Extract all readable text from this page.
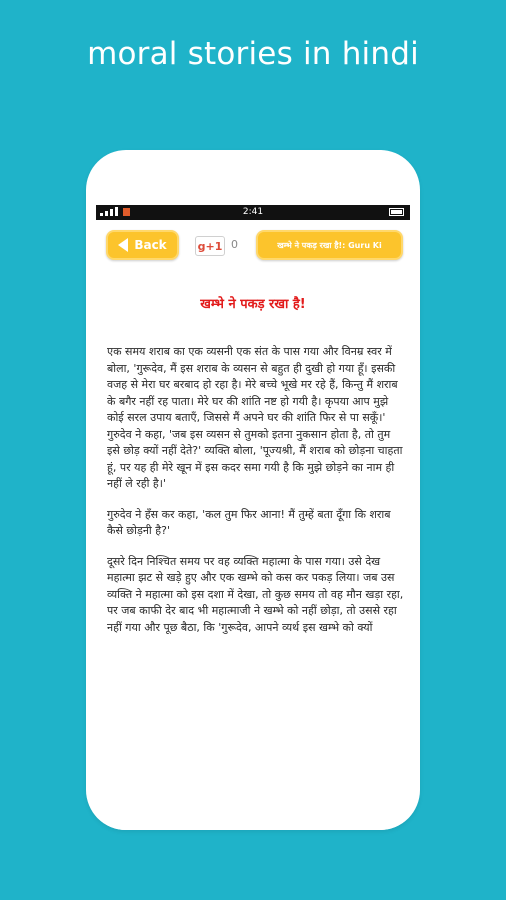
moral stories in hindi
2:41
Back	g+1 0	खम्भे ने पकड़ रखा है!: Guru Ki
खम्भे ने पकड़ रखा है!

एक समय शराब का एक व्यसनी एक संत के पास गया और विनम्र स्वर में बोला, 'गुरूदेव, मैं इस शराब के व्यसन से बहुत ही दुखी हो गया हूँ। इसकी वजह से मेरा घर बरबाद हो रहा है। मेरे बच्चे भूखे मर रहे हैं, किन्तु मैं शराब के बगैर नहीं रह पाता। मेरे घर की शांति नष्ट हो गयी है। कृपया आप मुझे कोई सरल उपाय बताएँ, जिससे मैं अपने घर की शांति फिर से पा सकूँ।' गुरुदेव ने कहा, 'जब इस व्यसन से तुमको इतना नुकसान होता है, तो तुम इसे छोड़ क्यों नहीं देते?' व्यक्ति बोला, 'पूज्यश्री, मैं शराब को छोड़ना चाहता हूं, पर यह ही मेरे खून में इस कदर समा गयी है कि मुझे छोड़ने का नाम ही नहीं ले रही है।'

गुरुदेव ने हँस कर कहा, 'कल तुम फिर आना! मैं तुम्हें बता दूँगा कि शराब कैसे छोड़नी है?'

दूसरे दिन निश्चित समय पर वह व्यक्ति महात्मा के पास गया। उसे देख महात्मा झट से खड़े हुए और एक खम्भे को कस कर पकड़ लिया। जब उस व्यक्ति ने महात्मा को इस दशा में देखा, तो कुछ समय तो वह मौन खड़ा रहा, पर जब काफी देर बाद भी महात्माजी ने खम्भे को नहीं छोड़ा, तो उससे रहा नहीं गया और पूछ बैठा, कि 'गुरूदेव, आपने व्यर्थ इस खम्भे को क्यों
